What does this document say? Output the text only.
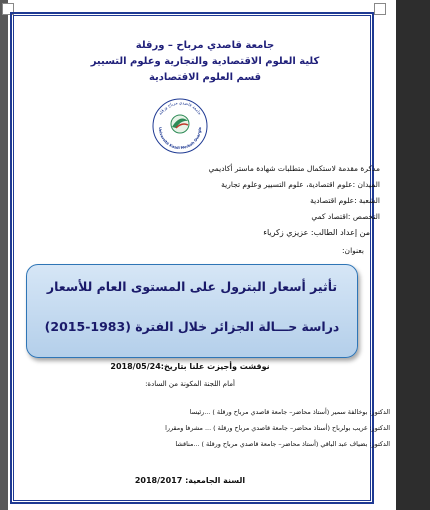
جامعة قاصدي مرباح – ورقلة
كلية العلوم الاقتصادية والتجارية وعلوم التسيير
قسم العلوم الاقتصادية
جامعة قاصدي مرباح ورقلة
Université Kasdi Merbah Ouargla
مذكرة مقدمة لاستكمال متطلبات شهادة ماستر أكاديمي
الميدان :علوم اقتصادية، علوم التسيير وعلوم تجارية
الشعبة :علوم اقتصادية
التخصص :اقتصاد كمي
من إعداد الطالب: عزيزي زكرياء
بعنوان:
تأثير أسعار البترول على المستوى العام للأسعار
دراسة حـــالة الجزائر خلال الفترة (1983-2015)
نوقشت وأجيزت علنا بتاريخ:2018/05/24
أمام اللجنة المكونة من السادة:
الدكتور: بوخالفة سمير (أستاذ محاضر– جامعة قاصدي مرباح ورقلة ) ...رئيسا
الدكتور: غريب بولرباح (أستاذ محاضر– جامعة قاصدي مرباح ورقلة ) ... مشرفا ومقررا
الدكتور: بضياف عبد الباقي (أستاذ محاضر– جامعة قاصدي مرباح ورقلة ) ...مناقشا
السنة الجامعية: 2018/2017
